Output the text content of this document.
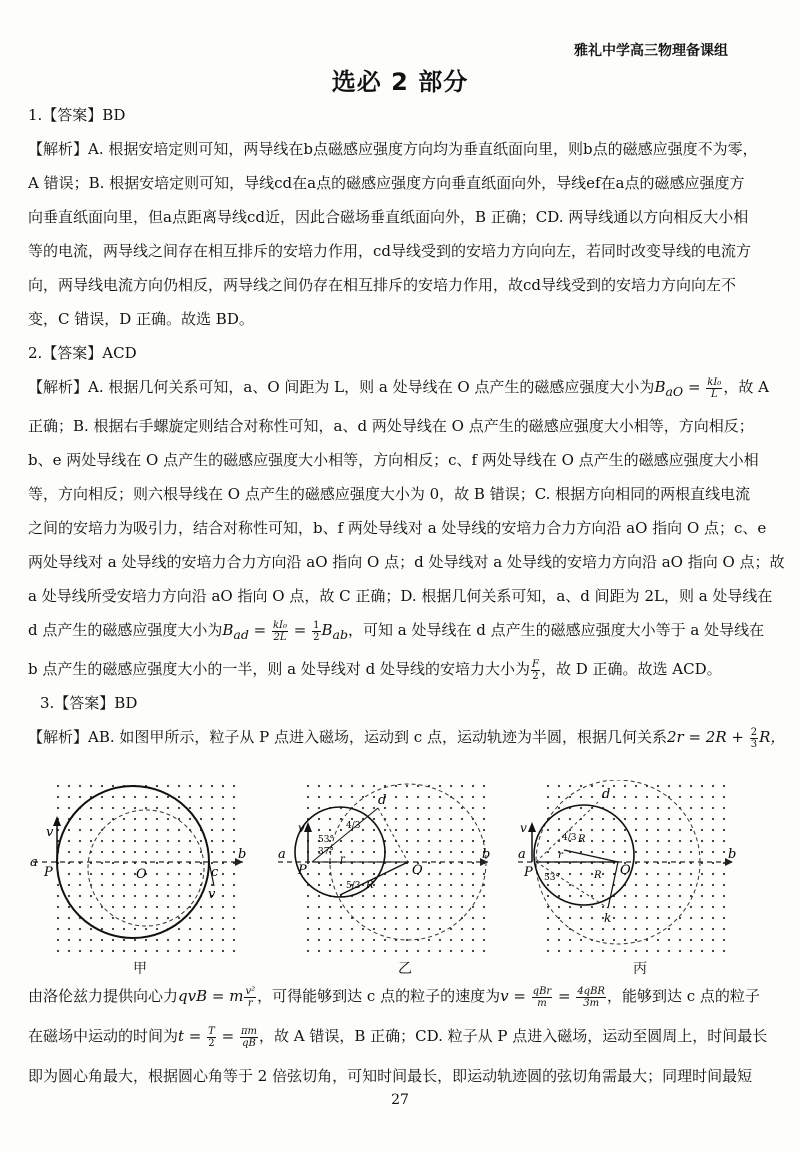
雅礼中学高三物理备课组
选必 2 部分
1.【答案】BD
【解析】A. 根据安培定则可知，两导线在b点磁感应强度方向均为垂直纸面向里，则b点的磁感应强度不为零，
A 错误；B. 根据安培定则可知，导线cd在a点的磁感应强度方向垂直纸面向外，导线ef在a点的磁感应强度方
向垂直纸面向里，但a点距离导线cd近，因此合磁场垂直纸面向外，B 正确；CD. 两导线通以方向相反大小相
等的电流，两导线之间存在相互排斥的安培力作用，cd导线受到的安培力方向向左，若同时改变导线的电流方
向，两导线电流方向仍相反，两导线之间仍存在相互排斥的安培力作用，故cd导线受到的安培力方向向左不
变，C 错误，D 正确。故选 BD。
2.【答案】ACD
【解析】A. 根据几何关系可知，a、O 间距为 L，则 a 处导线在 O 点产生的磁感应强度大小为$B_{aO} = \frac{\text{kI₀}}{L}$ ，故 A
正确；B. 根据右手螺旋定则结合对称性可知，a、d 两处导线在 O 点产生的磁感应强度大小相等，方向相反；
b、e 两处导线在 O 点产生的磁感应强度大小相等，方向相反；c、f 两处导线在 O 点产生的磁感应强度大小相
等，方向相反；则六根导线在 O 点产生的磁感应强度大小为 0，故 B 错误；C. 根据方向相同的两根直线电流
之间的安培力为吸引力，结合对称性可知，b、f 两处导线对 a 处导线的安培力合力方向沿 aO 指向 O 点；c、e
两处导线对 a 处导线的安培力合力方向沿 aO 指向 O 点；d 处导线对 a 处导线的安培力方向沿 aO 指向 O 点；故
a 处导线所受安培力方向沿 aO 指向 O 点，故 C 正确；D. 根据几何关系可知，a、d 间距为 2L，则 a 处导线在
d 点产生的磁感应强度大小为$B_{ad} = \frac{\text{kI₀}}{2L} = \frac{1}{2} B_{ab}$，可知 a 处导线在 d 点产生的磁感应强度大小等于 a 处导线在
b 点产生的磁感应强度大小的一半，则 a 处导线对 d 处导线的安培力大小为 $\frac{F}{2}$ ，故 D 正确。故选 ACD。
3.【答案】BD
【解析】AB. 如图甲所示，粒子从 P 点进入磁场，运动到 c 点，运动轨迹为半圆，根据几何关系$2r = 2R + \frac{2}{3}$ R，
a
b
P	O	c
v
v
甲
a	b
P	O
d
v
53°
37°
4/3
5/3 R
r
乙
a	b
P	O
d
k
v
53°
4/3 R
R
r
丙
由洛伦兹力提供向心力qvB = m $\frac{\text{v²}}{r}$ ，可得能够到达 c 点的粒子的速度为$v = \frac{\text{qBr}}{m} = \frac{\text{4qBR}}{3m}$ ，能够到达 c 点的粒子
在磁场中运动的时间为$t = \frac{T}{2} = \frac{\pi m}{qB}$ ，故 A 错误，B 正确；CD. 粒子从 P 点进入磁场，运动至圆周上，时间最长
即为圆心角最大，根据圆心角等于 2 倍弦切角，可知时间最长，即运动轨迹圆的弦切角需最大；同理时间最短
27
